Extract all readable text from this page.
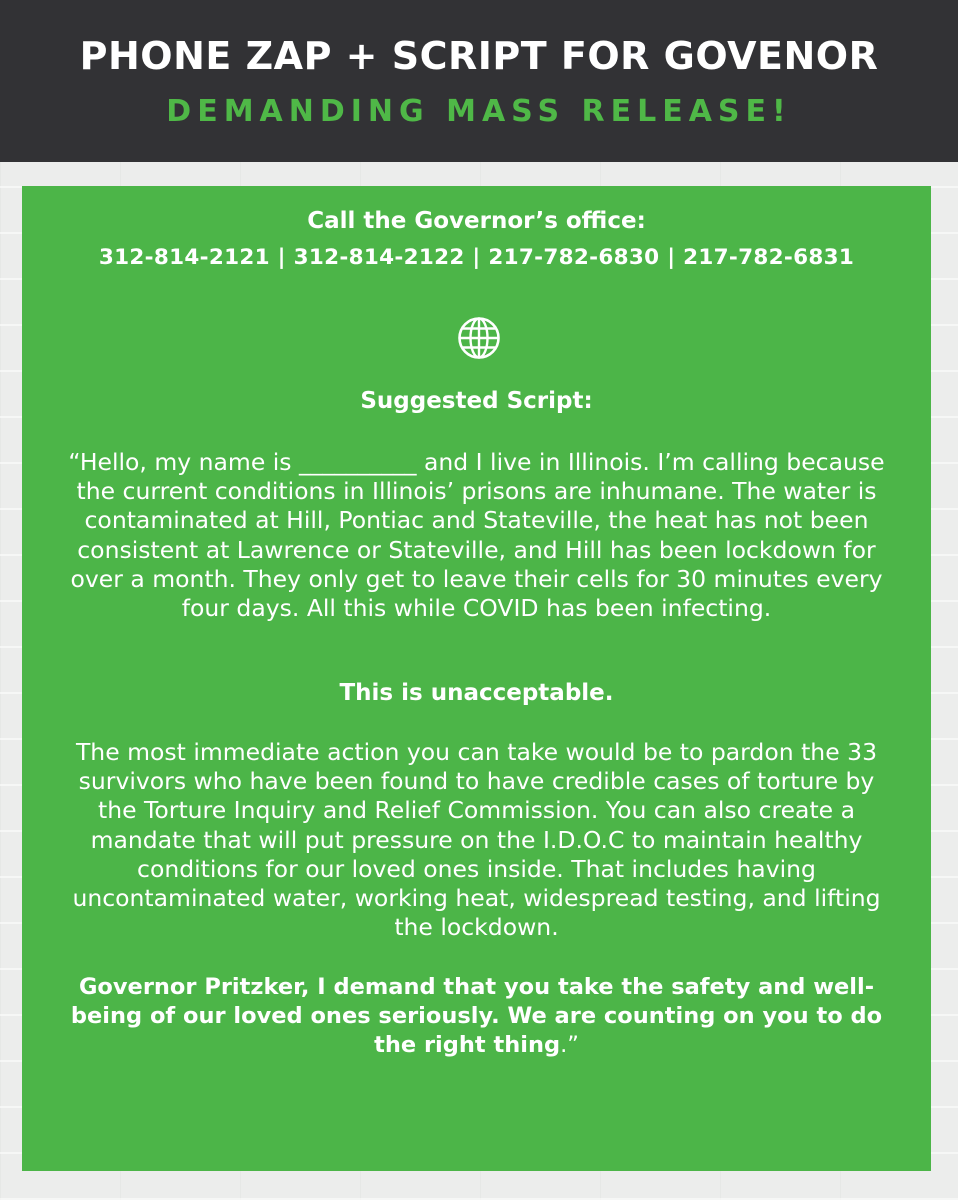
PHONE ZAP + SCRIPT FOR GOVENOR
DEMANDING MASS RELEASE!
Call the Governor’s office:
312-814-2121 | 312-814-2122 | 217-782-6830 | 217-782-6831
Suggested Script:
“Hello, my name is __________ and I live in Illinois. I’m calling because the current conditions in Illinois’ prisons are inhumane. The water is contaminated at Hill, Pontiac and Stateville, the heat has not been consistent at Lawrence or Stateville, and Hill has been lockdown for over a month. They only get to leave their cells for 30 minutes every four days. All this while COVID has been infecting.
This is unacceptable.
The most immediate action you can take would be to pardon the 33 survivors who have been found to have credible cases of torture by the Torture Inquiry and Relief Commission. You can also create a mandate that will put pressure on the I.D.O.C to maintain healthy conditions for our loved ones inside. That includes having uncontaminated water, working heat, widespread testing, and lifting the lockdown.
Governor Pritzker, I demand that you take the safety and well-being of our loved ones seriously. We are counting on you to do the right thing.”
